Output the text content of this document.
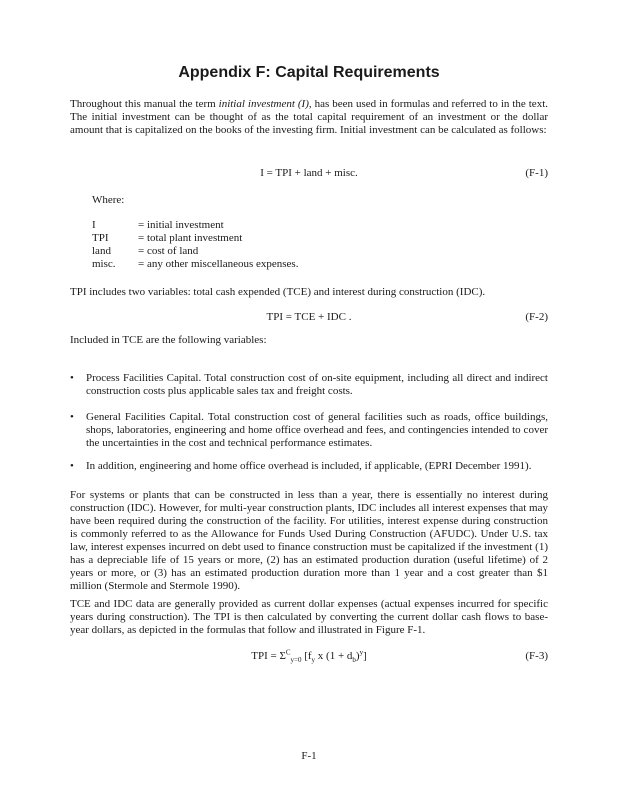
Appendix F: Capital Requirements

Throughout this manual the term initial investment (I), has been used in formulas and referred to in the text. The initial investment can be thought of as the total capital requirement of an investment or the dollar amount that is capitalized on the books of the investing firm. Initial investment can be calculated as follows:

I = TPI + land + misc.	(F-1)
Where:
I	= initial investment
TPI	= total plant investment
land	= cost of land
misc.	= any other miscellaneous expenses.
TPI includes two variables: total cash expended (TCE) and interest during construction (IDC).
TPI = TCE + IDC .	(F-2)
Included in TCE are the following variables:
•	Process Facilities Capital. Total construction cost of on-site equipment, including all direct and indirect construction costs plus applicable sales tax and freight costs.
•	General Facilities Capital. Total construction cost of general facilities such as roads, office buildings, shops, laboratories, engineering and home office overhead and fees, and contingencies intended to cover the uncertainties in the cost and technical performance estimates.
•	In addition, engineering and home office overhead is included, if applicable, (EPRI December 1991).
For systems or plants that can be constructed in less than a year, there is essentially no interest during construction (IDC). However, for multi-year construction plants, IDC includes all interest expenses that may have been required during the construction of the facility. For utilities, interest expense during construction is commonly referred to as the Allowance for Funds Used During Construction (AFUDC). Under U.S. tax law, interest expenses incurred on debt used to finance construction must be capitalized if the investment (1) has a depreciable life of 15 years or more, (2) has an estimated production duration (useful lifetime) of 2 years or more, or (3) has an estimated production duration more than 1 year and a cost greater than $1 million (Stermole and Stermole 1990).
TCE and IDC data are generally provided as current dollar expenses (actual expenses incurred for specific years during construction). The TPI is then calculated by converting the current dollar cash flows to base-year dollars, as depicted in the formulas that follow and illustrated in Figure F-1.
TPI = $\Sigma^C_{y=0}$ [$f_y$ x $(1 + d_b)^y$]	(F-3)
F-1
